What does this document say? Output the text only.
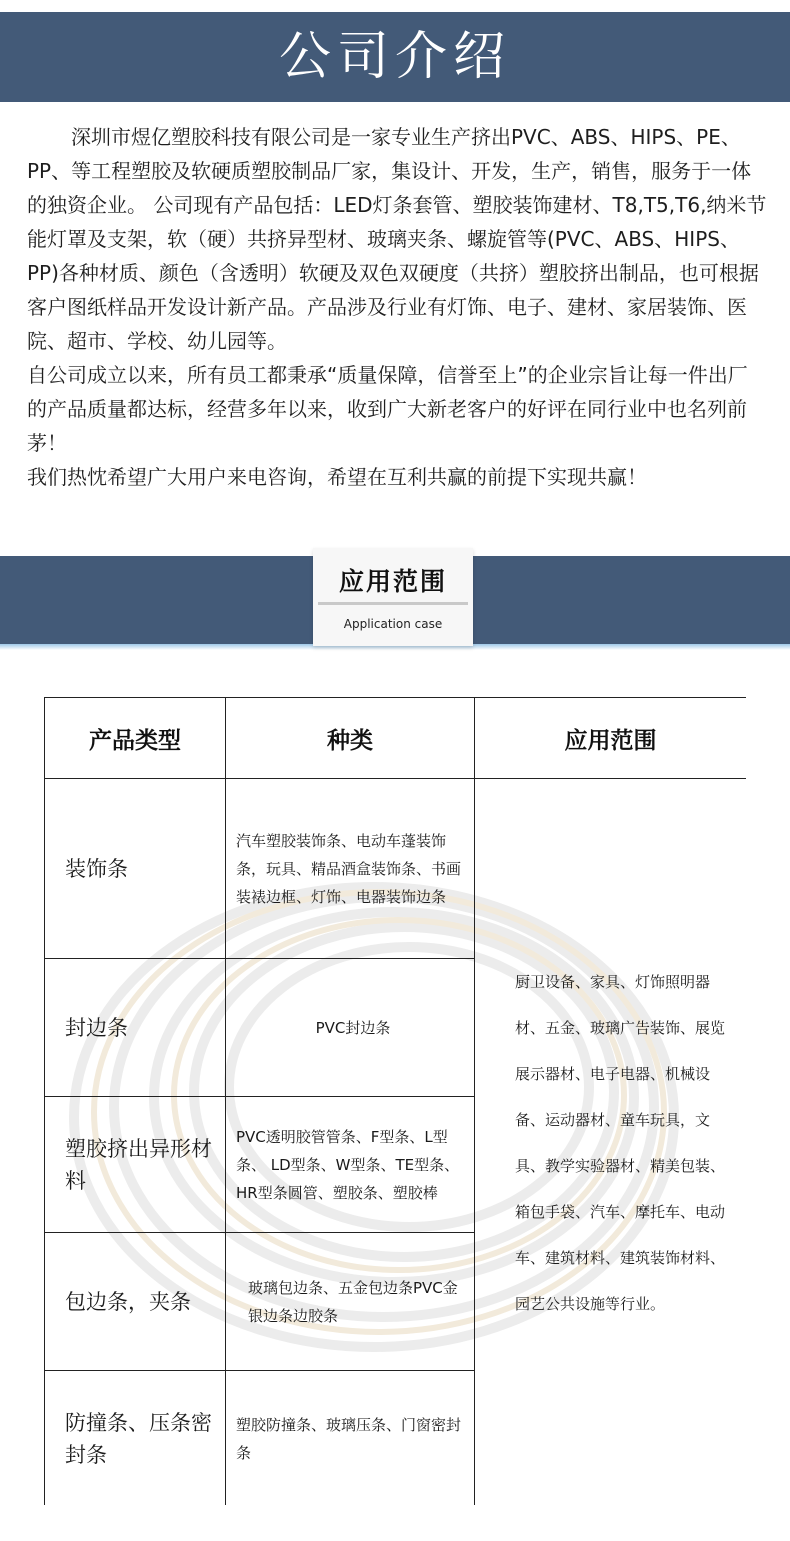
公司介绍

深圳市煜亿塑胶科技有限公司是一家专业生产挤出PVC、ABS、HIPS、PE、PP、等工程塑胶及软硬质塑胶制品厂家，集设计、开发，生产，销售，服务于一体的独资企业。 公司现有产品包括：LED灯条套管、塑胶装饰建材、T8,T5,T6,纳米节能灯罩及支架，软（硬）共挤异型材、玻璃夹条、螺旋管等(PVC、ABS、HIPS、PP)各种材质、颜色（含透明）软硬及双色双硬度（共挤）塑胶挤出制品，也可根据客户图纸样品开发设计新产品。产品涉及行业有灯饰、电子、建材、家居装饰、医院、超市、学校、幼儿园等。

自公司成立以来，所有员工都秉承“质量保障，信誉至上”的企业宗旨让每一件出厂的产品质量都达标，经营多年以来，收到广大新老客户的好评在同行业中也名列前茅！

我们热忱希望广大用户来电咨询，希望在互利共赢的前提下实现共赢！

应用范围
Application case
产品类型	种类	应用范围
装饰条	汽车塑胶装饰条、电动车蓬装饰条，玩具、精品酒盒装饰条、书画装裱边框、灯饰、电器装饰边条	厨卫设备、家具、灯饰照明器材、五金、玻璃广告装饰、展览 展示器材、电子电器、机械设备、运动器材、童车玩具，文具、教学实验器材、精美包装、箱包手袋、汽车、摩托车、电动车、建筑材料、建筑装饰材料、园艺公共设施等行业。
封边条	PVC封边条	
塑胶挤出异形材料	PVC透明胶管管条、F型条、L型条、 LD型条、W型条、TE型条、HR型条圆管、塑胶条、塑胶棒	
包边条，夹条	玻璃包边条、五金包边条PVC金银边条边胶条	
防撞条、压条密封条	塑胶防撞条、玻璃压条、门窗密封条	
